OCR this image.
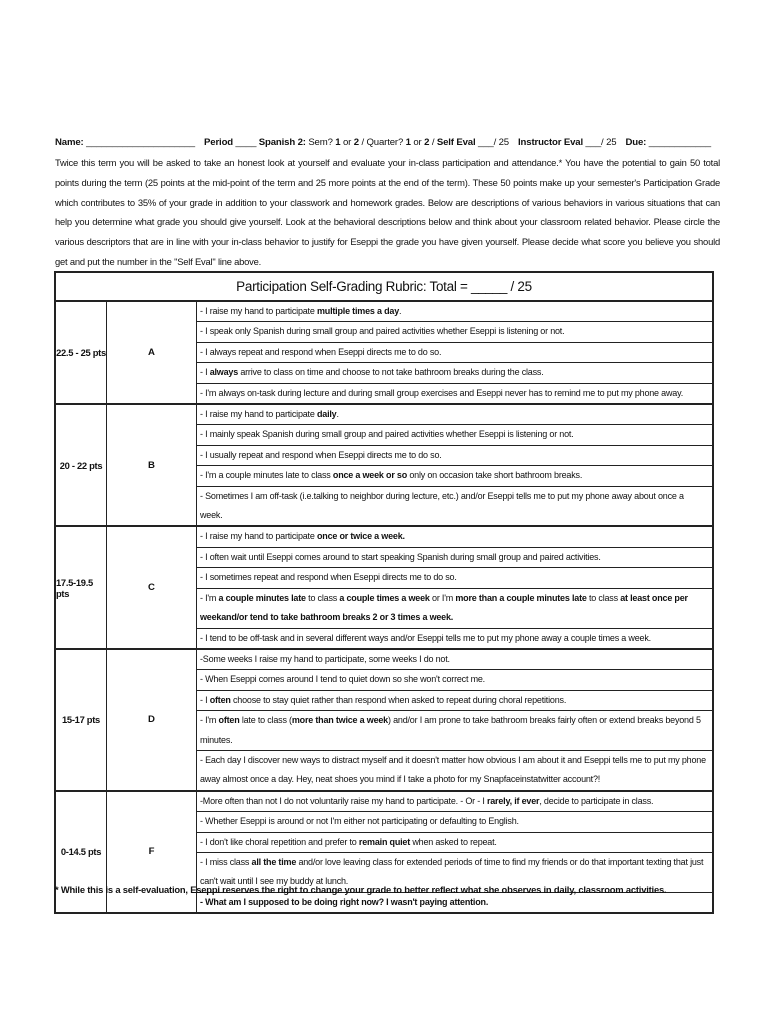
Name: _____________________ Period ____ Spanish 2: Sem? 1 or 2 / Quarter? 1 or 2 / Self Eval ___/ 25 Instructor Eval ___/ 25 Due: ____________
Twice this term you will be asked to take an honest look at yourself and evaluate your in-class participation and attendance.* You have the potential to gain 50 total points during the term (25 points at the mid-point of the term and 25 more points at the end of the term). These 50 points make up your semester's Participation Grade which contributes to 35% of your grade in addition to your classwork and homework grades. Below are descriptions of various behaviors in various situations that can help you determine what grade you should give yourself. Look at the behavioral descriptions below and think about your classroom related behavior. Please circle the various descriptors that are in line with your in-class behavior to justify for Eseppi the grade you have given yourself. Please decide what score you believe you should get and put the number in the "Self Eval" line above.
Participation Self-Grading Rubric: Total = _____ / 25
22.5 - 25 pts	A
- I raise my hand to participate multiple times a day.
- I speak only Spanish during small group and paired activities whether Eseppi is listening or not.
- I always repeat and respond when Eseppi directs me to do so.
- I always arrive to class on time and choose to not take bathroom breaks during the class.
- I'm always on-task during lecture and during small group exercises and Eseppi never has to remind me to put my phone away.
20 - 22 pts	B
- I raise my hand to participate daily.
- I mainly speak Spanish during small group and paired activities whether Eseppi is listening or not.
- I usually repeat and respond when Eseppi directs me to do so.
- I'm a couple minutes late to class once a week or so only on occasion take short bathroom breaks.
- Sometimes I am off-task (i.e.talking to neighbor during lecture, etc.) and/or Eseppi tells me to put my phone away about once a week.
17.5-19.5 pts	C
- I raise my hand to participate once or twice a week.
- I often wait until Eseppi comes around to start speaking Spanish during small group and paired activities.
- I sometimes repeat and respond when Eseppi directs me to do so.
- I'm a couple minutes late to class a couple times a week or I'm more than a couple minutes late to class at least once per weekand/or tend to take bathroom breaks 2 or 3 times a week.
- I tend to be off-task and in several different ways and/or Eseppi tells me to put my phone away a couple times a week.
15-17 pts	D
-Some weeks I raise my hand to participate, some weeks I do not.
- When Eseppi comes around I tend to quiet down so she won't correct me.
- I often choose to stay quiet rather than respond when asked to repeat during choral repetitions.
- I'm often late to class (more than twice a week) and/or I am prone to take bathroom breaks fairly often or extend breaks beyond 5 minutes.
- Each day I discover new ways to distract myself and it doesn't matter how obvious I am about it and Eseppi tells me to put my phone away almost once a day. Hey, neat shoes you mind if I take a photo for my Snapfaceinstatwitter account?!
0-14.5 pts	F
-More often than not I do not voluntarily raise my hand to participate. - Or - I rarely, if ever, decide to participate in class.
- Whether Eseppi is around or not I'm either not participating or defaulting to English.
- I don't like choral repetition and prefer to remain quiet when asked to repeat.
- I miss class all the time and/or love leaving class for extended periods of time to find my friends or do that important texting that just can't wait until I see my buddy at lunch.
- What am I supposed to be doing right now? I wasn't paying attention.
* While this is a self-evaluation, Eseppi reserves the right to change your grade to better reflect what she observes in daily, classroom activities.
